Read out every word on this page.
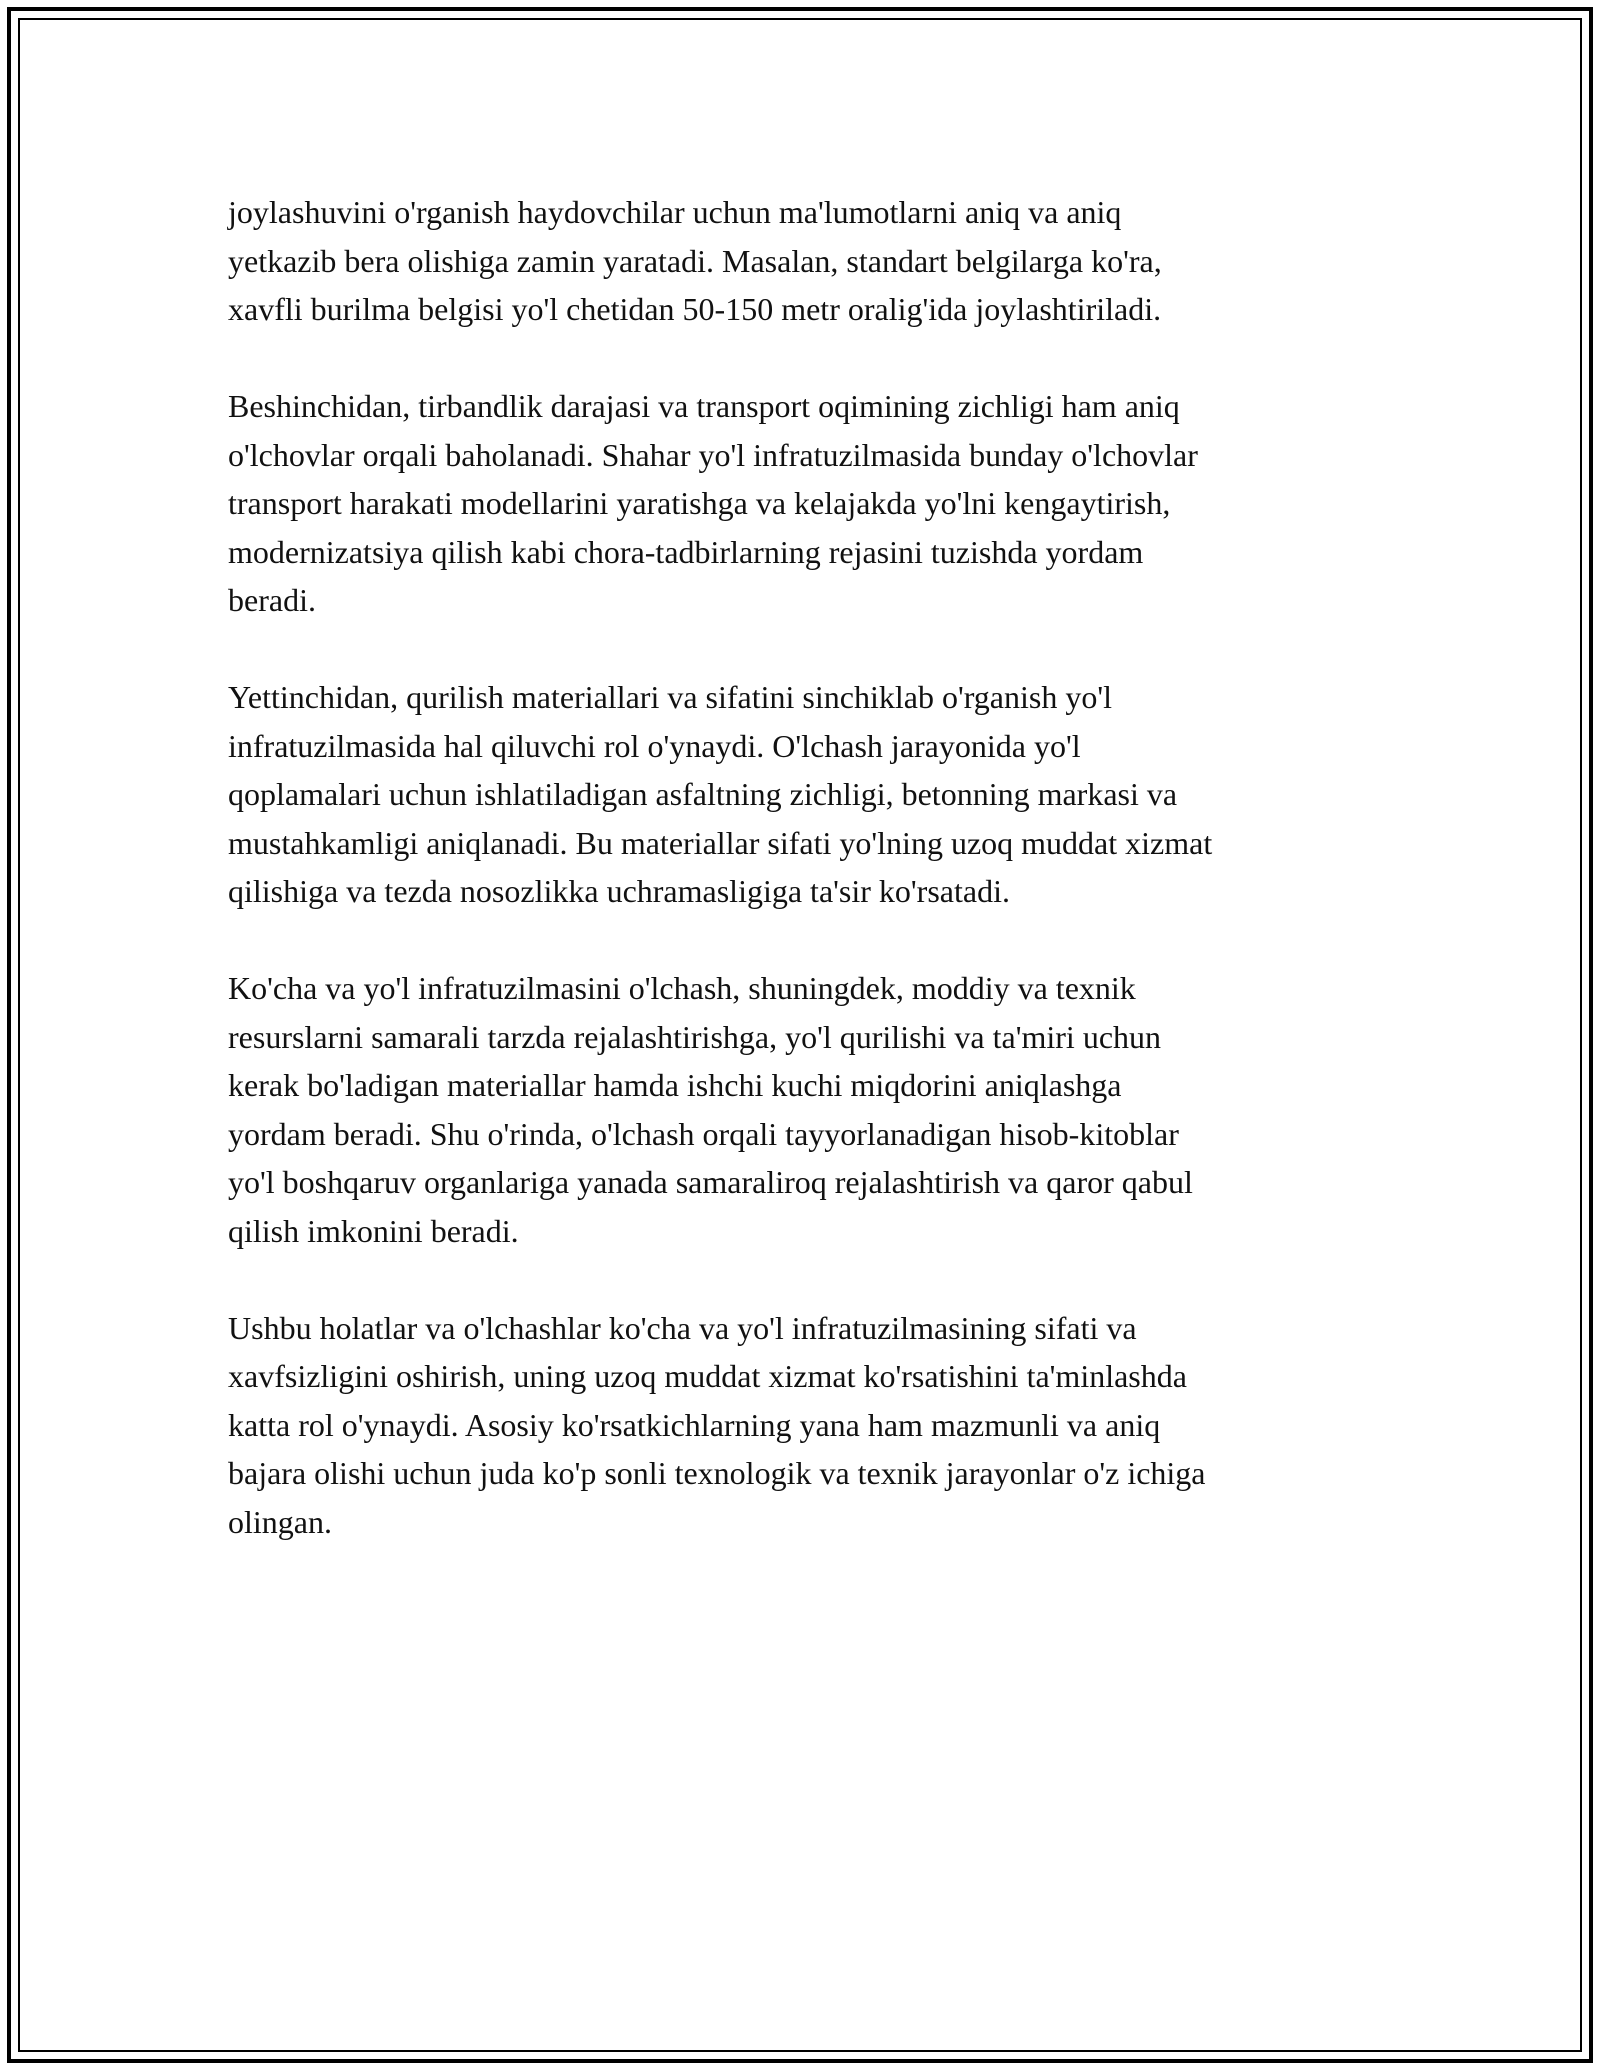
joylashuvini o'rganish haydovchilar uchun ma'lumotlarni aniq va aniq
yetkazib bera olishiga zamin yaratadi. Masalan, standart belgilarga ko'ra,
xavfli burilma belgisi yo'l chetidan 50-150 metr oralig'ida joylashtiriladi.

Beshinchidan, tirbandlik darajasi va transport oqimining zichligi ham aniq
o'lchovlar orqali baholanadi. Shahar yo'l infratuzilmasida bunday o'lchovlar
transport harakati modellarini yaratishga va kelajakda yo'lni kengaytirish,
modernizatsiya qilish kabi chora-tadbirlarning rejasini tuzishda yordam
beradi.

Yettinchidan, qurilish materiallari va sifatini sinchiklab o'rganish yo'l
infratuzilmasida hal qiluvchi rol o'ynaydi. O'lchash jarayonida yo'l
qoplamalari uchun ishlatiladigan asfaltning zichligi, betonning markasi va
mustahkamligi aniqlanadi. Bu materiallar sifati yo'lning uzoq muddat xizmat
qilishiga va tezda nosozlikka uchramasligiga ta'sir ko'rsatadi.

Ko'cha va yo'l infratuzilmasini o'lchash, shuningdek, moddiy va texnik
resurslarni samarali tarzda rejalashtirishga, yo'l qurilishi va ta'miri uchun
kerak bo'ladigan materiallar hamda ishchi kuchi miqdorini aniqlashga
yordam beradi. Shu o'rinda, o'lchash orqali tayyorlanadigan hisob-kitoblar
yo'l boshqaruv organlariga yanada samaraliroq rejalashtirish va qaror qabul
qilish imkonini beradi.

Ushbu holatlar va o'lchashlar ko'cha va yo'l infratuzilmasining sifati va
xavfsizligini oshirish, uning uzoq muddat xizmat ko'rsatishini ta'minlashda
katta rol o'ynaydi. Asosiy ko'rsatkichlarning yana ham mazmunli va aniq
bajara olishi uchun juda ko'p sonli texnologik va texnik jarayonlar o'z ichiga
olingan.
